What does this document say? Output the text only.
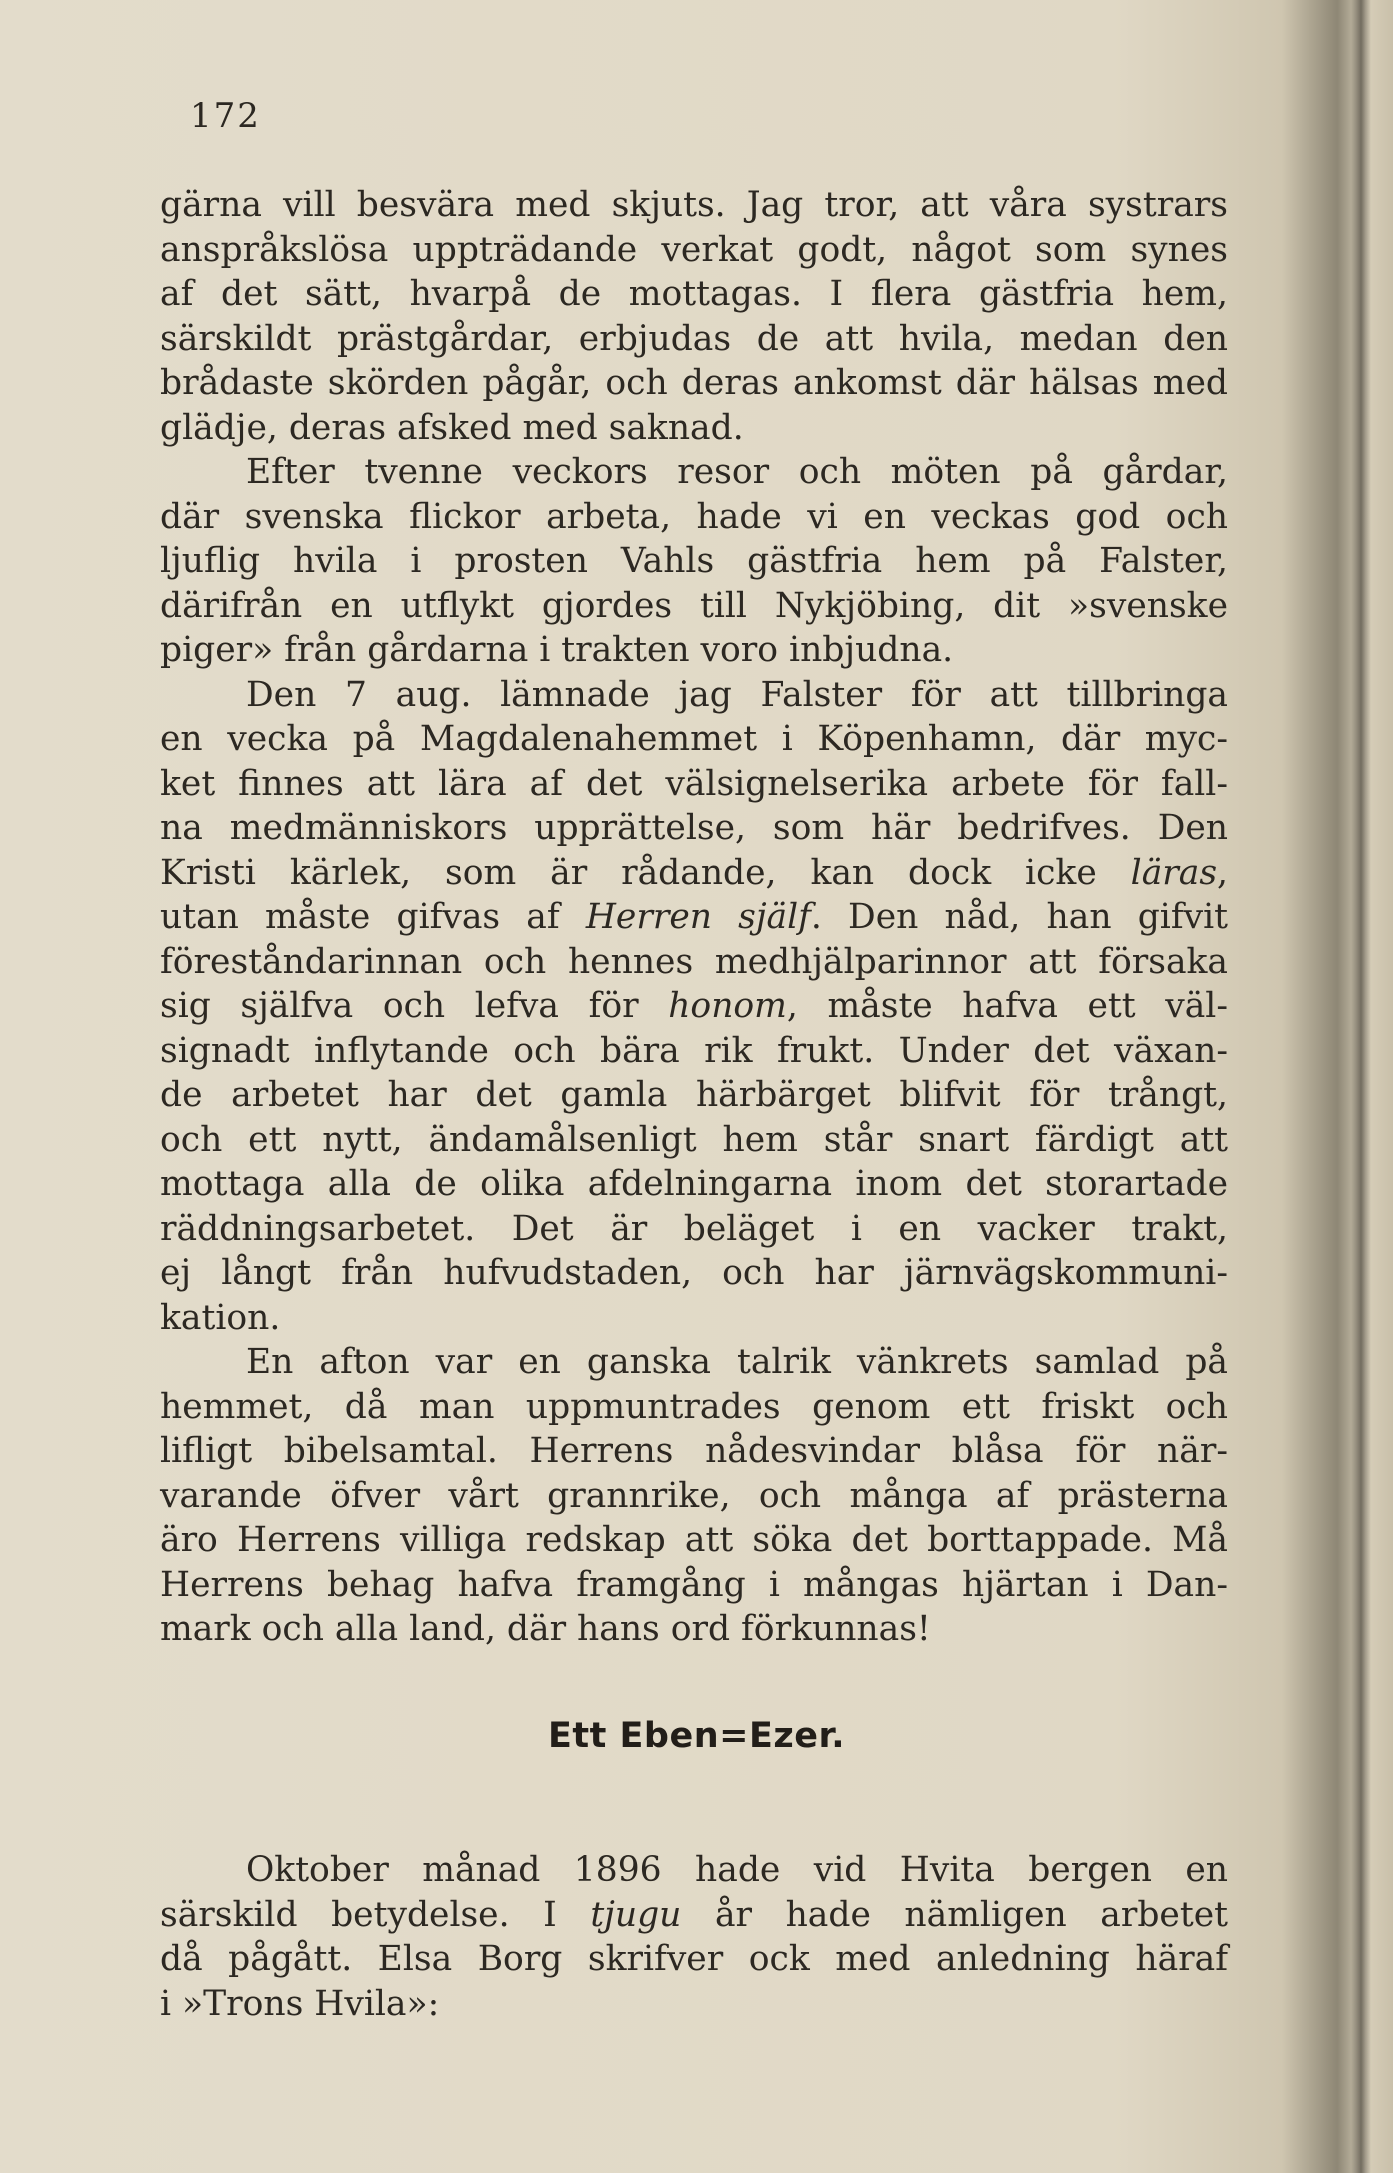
172
gärna vill besvära med skjuts. Jag tror, att våra systrars
anspråkslösa uppträdande verkat godt, något som synes
af det sätt, hvarpå de mottagas. I flera gästfria hem,
särskildt prästgårdar, erbjudas de att hvila, medan den
brådaste skörden pågår, och deras ankomst där hälsas med
glädje, deras afsked med saknad.
Efter tvenne veckors resor och möten på gårdar,
där svenska flickor arbeta, hade vi en veckas god och
ljuflig hvila i prosten Vahls gästfria hem på Falster,
därifrån en utflykt gjordes till Nykjöbing, dit »svenske
piger» från gårdarna i trakten voro inbjudna.
Den 7 aug. lämnade jag Falster för att tillbringa
en vecka på Magdalenahemmet i Köpenhamn, där myc-
ket finnes att lära af det välsignelserika arbete för fall-
na medmänniskors upprättelse, som här bedrifves. Den
Kristi kärlek, som är rådande, kan dock icke läras,
utan måste gifvas af Herren själf. Den nåd, han gifvit
föreståndarinnan och hennes medhjälparinnor att försaka
sig själfva och lefva för honom, måste hafva ett väl-
signadt inflytande och bära rik frukt. Under det växan-
de arbetet har det gamla härbärget blifvit för trångt,
och ett nytt, ändamålsenligt hem står snart färdigt att
mottaga alla de olika afdelningarna inom det storartade
räddningsarbetet. Det är beläget i en vacker trakt,
ej långt från hufvudstaden, och har järnvägskommuni-
kation.
En afton var en ganska talrik vänkrets samlad på
hemmet, då man uppmuntrades genom ett friskt och
lifligt bibelsamtal. Herrens nådesvindar blåsa för när-
varande öfver vårt grannrike, och många af prästerna
äro Herrens villiga redskap att söka det borttappade. Må
Herrens behag hafva framgång i mångas hjärtan i Dan-
mark och alla land, där hans ord förkunnas!
Ett Eben=Ezer.
Oktober månad 1896 hade vid Hvita bergen en
särskild betydelse. I tjugu år hade nämligen arbetet
då pågått. Elsa Borg skrifver ock med anledning häraf
i »Trons Hvila»:
